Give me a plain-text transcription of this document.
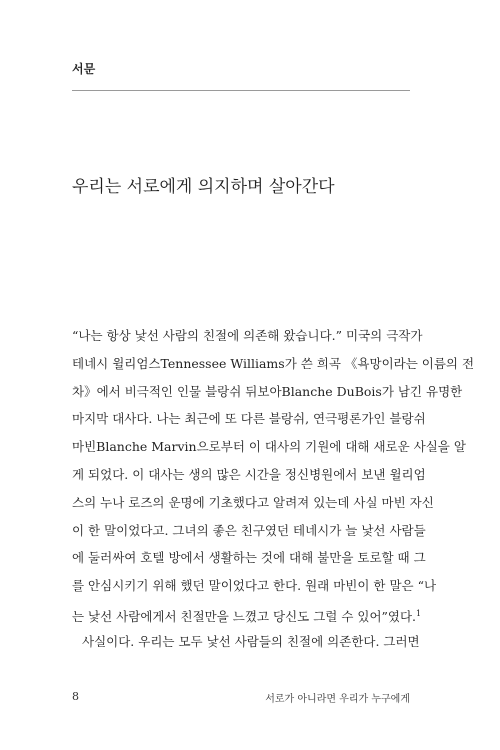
서문
우리는 서로에게 의지하며 살아간다
“나는 항상 낯선 사람의 친절에 의존해 왔습니다.” 미국의 극작가
테네시 윌리엄스Tennessee Williams가 쓴 희곡 《욕망이라는 이름의 전
차》에서 비극적인 인물 블랑쉬 뒤보아Blanche DuBois가 남긴 유명한
마지막 대사다. 나는 최근에 또 다른 블랑쉬, 연극평론가인 블랑쉬
마빈Blanche Marvin으로부터 이 대사의 기원에 대해 새로운 사실을 알
게 되었다. 이 대사는 생의 많은 시간을 정신병원에서 보낸 윌리엄
스의 누나 로즈의 운명에 기초했다고 알려져 있는데 사실 마빈 자신
이 한 말이었다고. 그녀의 좋은 친구였던 테네시가 늘 낯선 사람들
에 둘러싸여 호텔 방에서 생활하는 것에 대해 불만을 토로할 때 그
를 안심시키기 위해 했던 말이었다고 한다. 원래 마빈이 한 말은 “나
는 낯선 사람에게서 친절만을 느꼈고 당신도 그럴 수 있어”였다.$^1$
사실이다. 우리는 모두 낯선 사람들의 친절에 의존한다. 그러면
8	서로가 아니라면 우리가 누구에게
